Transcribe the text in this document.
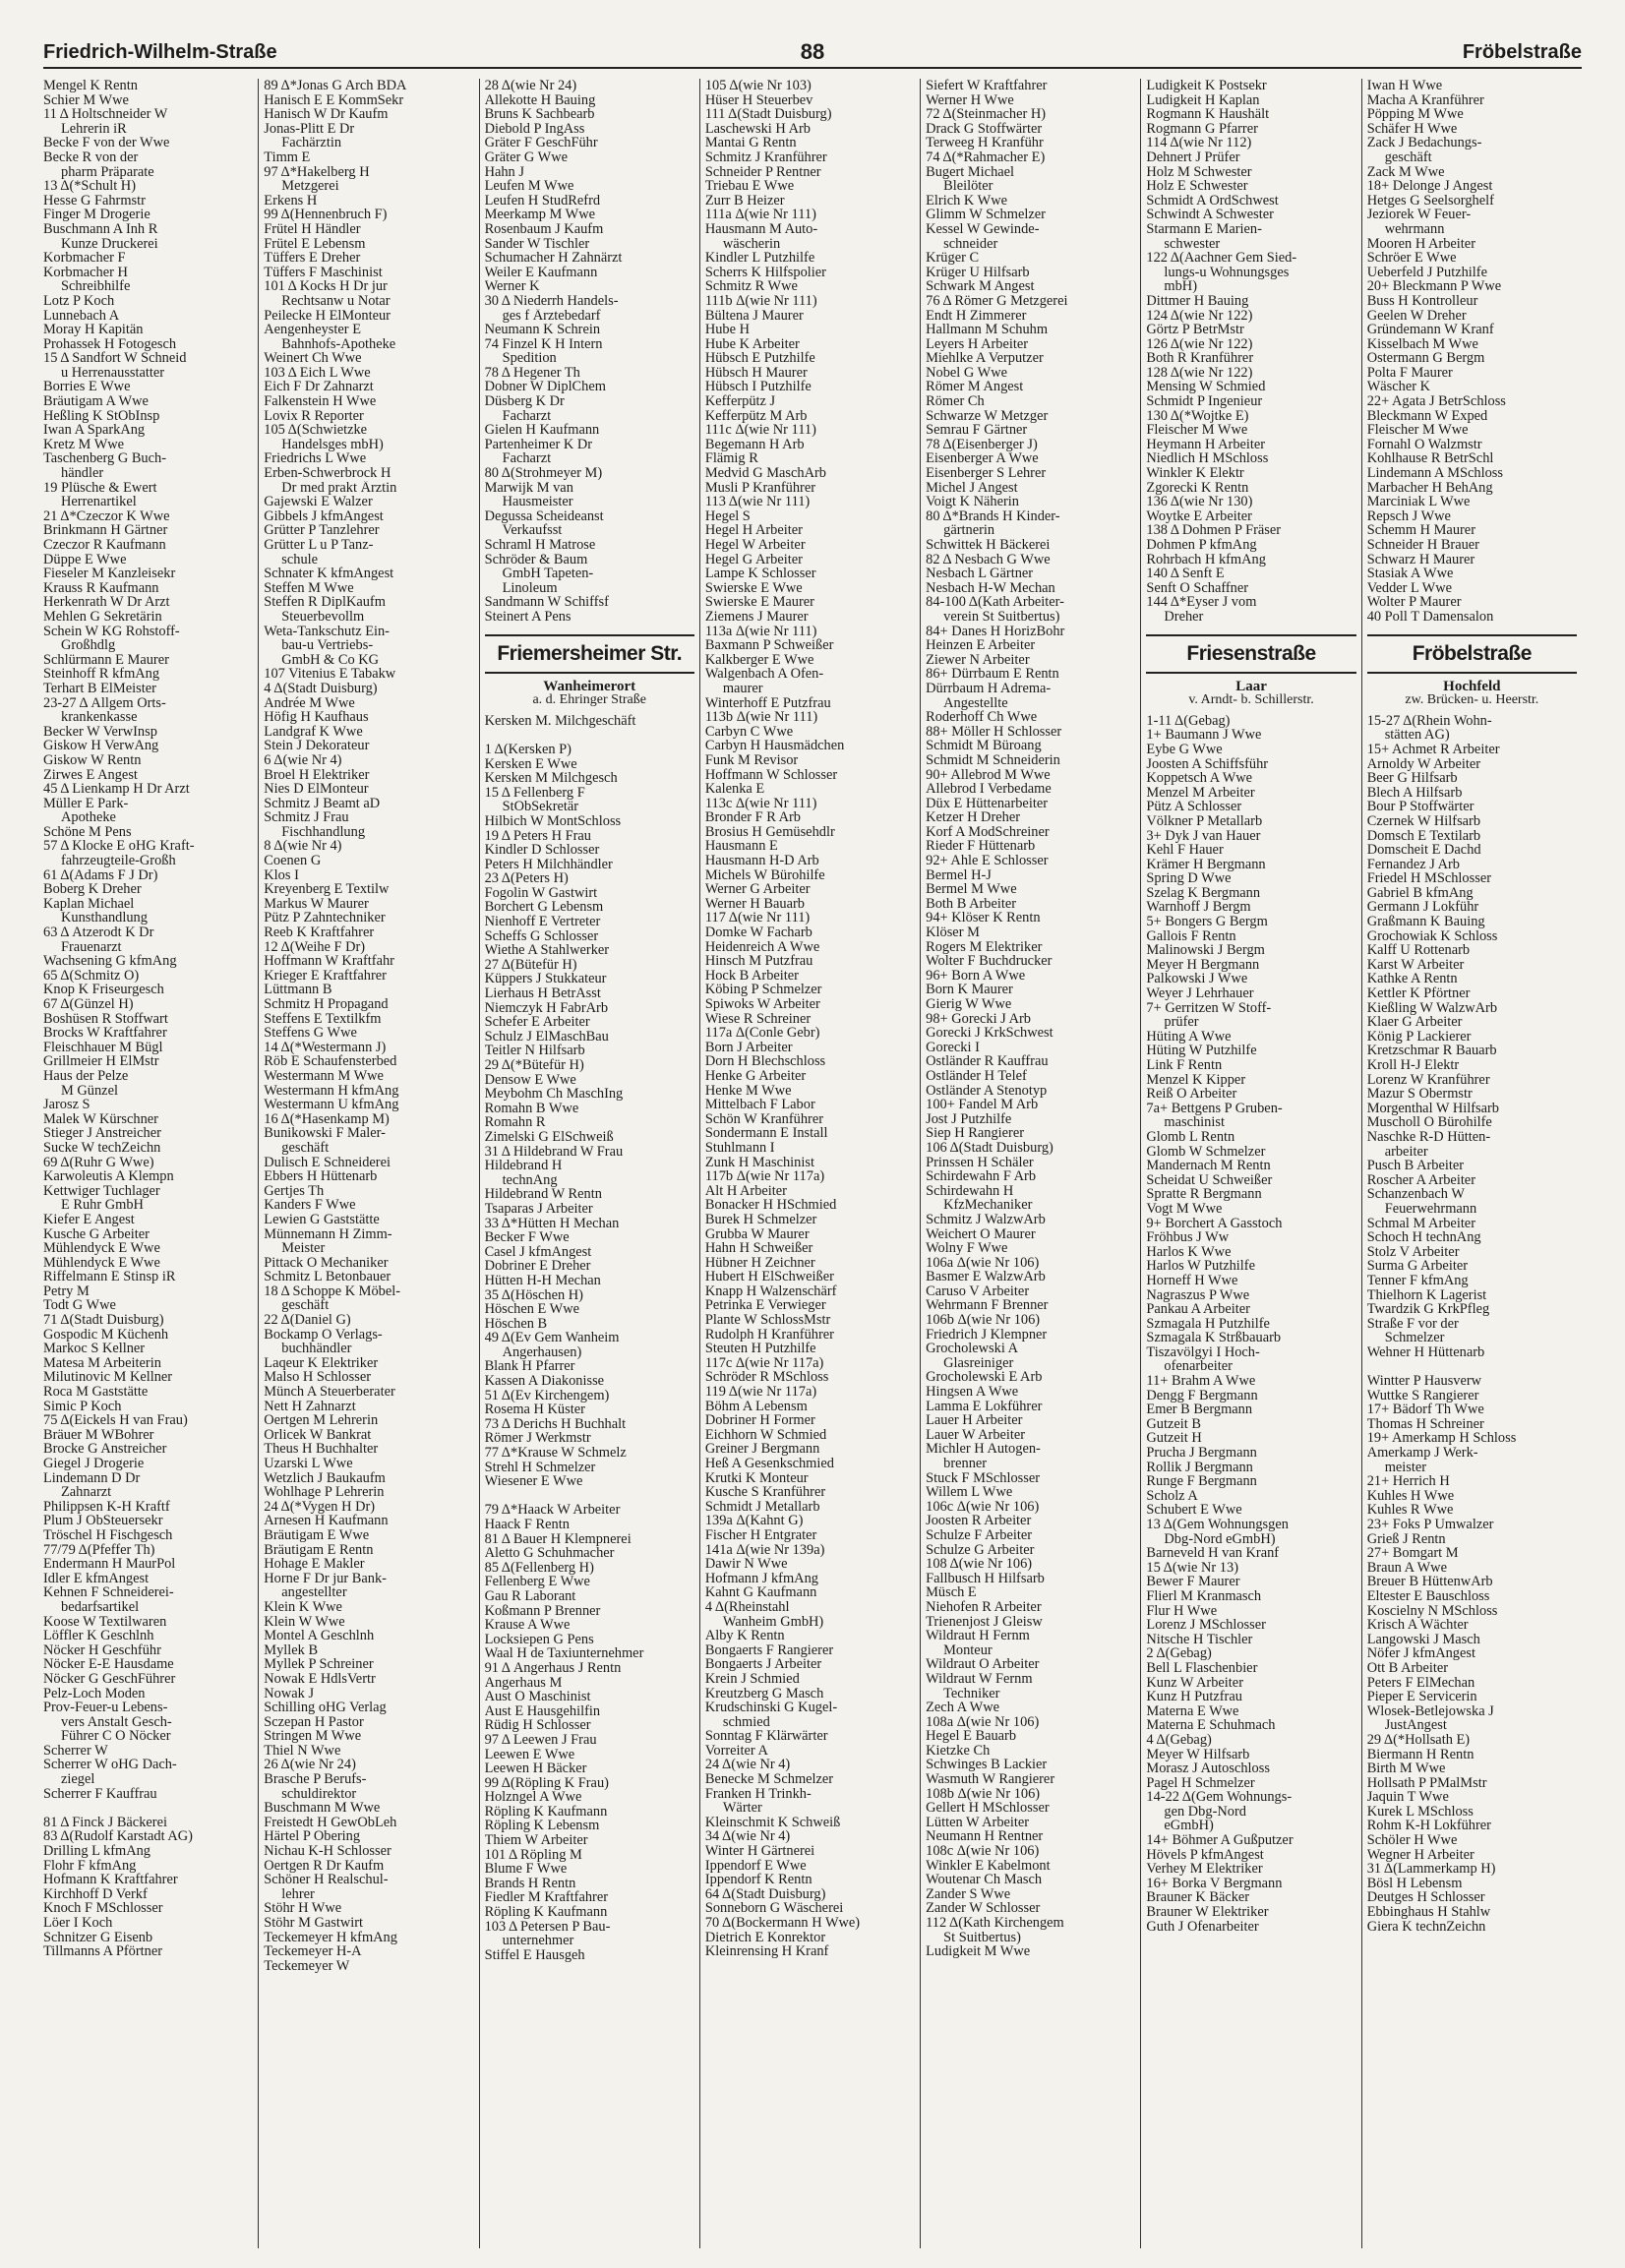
Friedrich-Wilhelm-Straße	88	Fröbelstraße
Mengel K Rentn
Schier M Wwe
11 Δ Holtschneider W
Lehrerin iR
Becke F von der Wwe
Becke R von der
pharm Präparate
13 Δ(*Schult H)
Hesse G Fahrmstr
Finger M Drogerie
Buschmann A Inh R
Kunze Druckerei
Korbmacher F
Korbmacher H
Schreibhilfe
Lotz P Koch
Lunnebach A
Moray H Kapitän
Prohassek H Fotogesch
15 Δ Sandfort W Schneid
u Herrenausstatter
Borries E Wwe
Bräutigam A Wwe
Heßling K StObInsp
Iwan A SparkAng
Kretz M Wwe
Taschenberg G Buch-
händler
19 Plüsche & Ewert
Herrenartikel
21 Δ*Czeczor K Wwe
Brinkmann H Gärtner
Czeczor R Kaufmann
Düppe E Wwe
Fieseler M Kanzleisekr
Krauss R Kaufmann
Herkenrath W Dr Arzt
Mehlen G Sekretärin
Schein W KG Rohstoff-
Großhdlg
Schlürmann E Maurer
Steinhoff R kfmAng
Terhart B ElMeister
23-27 Δ Allgem Orts-
krankenkasse
Becker W VerwInsp
Giskow H VerwAng
Giskow W Rentn
Zirwes E Angest
45 Δ Lienkamp H Dr Arzt
Müller E Park-
Apotheke
Schöne M Pens
57 Δ Klocke E oHG Kraft-
fahrzeugteile-Großh
61 Δ(Adams F J Dr)
Boberg K Dreher
Kaplan Michael
Kunsthandlung
63 Δ Atzerodt K Dr
Frauenarzt
Wachsening G kfmAng
65 Δ(Schmitz O)
Knop K Friseurgesch
67 Δ(Günzel H)
Boshüsen R Stoffwart
Brocks W Kraftfahrer
Fleischhauer M Bügl
Grillmeier H ElMstr
Haus der Pelze
M Günzel
Jarosz S
Malek W Kürschner
Stieger J Anstreicher
Sucke W techZeichn
69 Δ(Ruhr G Wwe)
Karwoleutis A Klempn
Kettwiger Tuchlager
E Ruhr GmbH
Kiefer E Angest
Kusche G Arbeiter
Mühlendyck E Wwe
Mühlendyck E Wwe
Riffelmann E Stinsp iR
Petry M
Todt G Wwe
71 Δ(Stadt Duisburg)
Gospodic M Küchenh
Markoc S Kellner
Matesa M Arbeiterin
Milutinovic M Kellner
Roca M Gaststätte
Simic P Koch
75 Δ(Eickels H van Frau)
Bräuer M WBohrer
Brocke G Anstreicher
Giegel J Drogerie
Lindemann D Dr
Zahnarzt
Philippsen K-H Kraftf
Plum J ObSteuersekr
Tröschel H Fischgesch
77/79 Δ(Pfeffer Th)
Endermann H MaurPol
Idler E kfmAngest
Kehnen F Schneiderei-
bedarfsartikel
Koose W Textilwaren
Löffler K Geschlnh
Nöcker H Geschführ
Nöcker E-E Hausdame
Nöcker G GeschFührer
Pelz-Loch Moden
Prov-Feuer-u Lebens-
vers Anstalt Gesch-
Führer C O Nöcker
Scherrer W
Scherrer W oHG Dach-
ziegel
Scherrer F Kauffrau

81 Δ Finck J Bäckerei
83 Δ(Rudolf Karstadt AG)
Drilling L kfmAng
Flohr F kfmAng
Hofmann K Kraftfahrer
Kirchhoff D Verkf
Knoch F MSchlosser
Löer I Koch
Schnitzer G Eisenb
Tillmanns A Pförtner
89 Δ*Jonas G Arch BDA
Hanisch E E KommSekr
Hanisch W Dr Kaufm
Jonas-Plitt E Dr
Fachärztin
Timm E
97 Δ*Hakelberg H
Metzgerei
Erkens H
99 Δ(Hennenbruch F)
Frütel H Händler
Frütel E Lebensm
Tüffers E Dreher
Tüffers F Maschinist
101 Δ Kocks H Dr jur
Rechtsanw u Notar
Peilecke H ElMonteur
Aengenheyster E
Bahnhofs-Apotheke
Weinert Ch Wwe
103 Δ Eich L Wwe
Eich F Dr Zahnarzt
Falkenstein H Wwe
Lovix R Reporter
105 Δ(Schwietzke
Handelsges mbH)
Friedrichs L Wwe
Erben-Schwerbrock H
Dr med prakt Ärztin
Gajewski E Walzer
Gibbels J kfmAngest
Grütter P Tanzlehrer
Grütter L u P Tanz-
schule
Schnater K kfmAngest
Steffen M Wwe
Steffen R DiplKaufm
Steuerbevollm
Weta-Tankschutz Ein-
bau-u Vertriebs-
GmbH & Co KG
107 Vitenius E Tabakw
4 Δ(Stadt Duisburg)
Andrée M Wwe
Höfig H Kaufhaus
Landgraf K Wwe
Stein J Dekorateur
6 Δ(wie Nr 4)
Broel H Elektriker
Nies D ElMonteur
Schmitz J Beamt aD
Schmitz J Frau
Fischhandlung
8 Δ(wie Nr 4)
Coenen G
Klos I
Kreyenberg E Textilw
Markus W Maurer
Pütz P Zahntechniker
Reeb K Kraftfahrer
12 Δ(Weihe F Dr)
Hoffmann W Kraftfahr
Krieger E Kraftfahrer
Lüttmann B
Schmitz H Propagand
Steffens E Textilkfm
Steffens G Wwe
14 Δ(*Westermann J)
Röb E Schaufensterbed
Westermann M Wwe
Westermann H kfmAng
Westermann U kfmAng
16 Δ(*Hasenkamp M)
Bunikowski F Maler-
geschäft
Dulisch E Schneiderei
Ebbers H Hüttenarb
Gertjes Th
Kanders F Wwe
Lewien G Gaststätte
Münnemann H Zimm-
Meister
Pittack O Mechaniker
Schmitz L Betonbauer
18 Δ Schoppe K Möbel-
geschäft
22 Δ(Daniel G)
Bockamp O Verlags-
buchhändler
Laqeur K Elektriker
Malso H Schlosser
Münch A Steuerberater
Nett H Zahnarzt
Oertgen M Lehrerin
Orlicek W Bankrat
Theus H Buchhalter
Uzarski L Wwe
Wetzlich J Baukaufm
Wohlhage P Lehrerin
24 Δ(*Vygen H Dr)
Arnesen H Kaufmann
Bräutigam E Wwe
Bräutigam E Rentn
Hohage E Makler
Horne F Dr jur Bank-
angestellter
Klein K Wwe
Klein W Wwe
Montel A Geschlnh
Myllek B
Myllek P Schreiner
Nowak E HdlsVertr
Nowak J
Schilling oHG Verlag
Sczepan H Pastor
Stringen M Wwe
Thiel N Wwe
26 Δ(wie Nr 24)
Brasche P Berufs-
schuldirektor
Buschmann M Wwe
Freistedt H GewObLeh
Härtel P Obering
Nichau K-H Schlosser
Oertgen R Dr Kaufm
Schöner H Realschul-
lehrer
Stöhr H Wwe
Stöhr M Gastwirt
Teckemeyer H kfmAng
Teckemeyer H-A
Teckemeyer W
28 Δ(wie Nr 24)
Allekotte H Bauing
Bruns K Sachbearb
Diebold P IngAss
Gräter F GeschFühr
Gräter G Wwe
Hahn J
Leufen M Wwe
Leufen H StudRefrd
Meerkamp M Wwe
Rosenbaum J Kaufm
Sander W Tischler
Schumacher H Zahnärzt
Weiler E Kaufmann
Werner K
30 Δ Niederrh Handels-
ges f Ärztebedarf
Neumann K Schrein
74 Finzel K H Intern
Spedition
78 Δ Hegener Th
Dobner W DiplChem
Düsberg K Dr
Facharzt
Gielen H Kaufmann
Partenheimer K Dr
Facharzt
80 Δ(Strohmeyer M)
Marwijk M van
Hausmeister
Degussa Scheideanst
Verkaufsst
Schraml H Matrose
Schröder & Baum
GmbH Tapeten-
Linoleum
Sandmann W Schiffsf
Steinert A Pens
Friemersheimer Str.
Wanheimerort
a. d. Ehringer Straße
Kersken M. Milchgeschäft

1 Δ(Kersken P)
Kersken E Wwe
Kersken M Milchgesch
15 Δ Fellenberg F
StObSekretär
Hilbich W MontSchloss
19 Δ Peters H Frau
Kindler D Schlosser
Peters H Milchhändler
23 Δ(Peters H)
Fogolin W Gastwirt
Borchert G Lebensm
Nienhoff E Vertreter
Scheffs G Schlosser
Wiethe A Stahlwerker
27 Δ(Bütefür H)
Küppers J Stukkateur
Lierhaus H BetrAsst
Niemczyk H FabrArb
Schefer E Arbeiter
Schulz J ElMaschBau
Teitler N Hilfsarb
29 Δ(*Bütefür H)
Densow E Wwe
Meybohm Ch MaschIng
Romahn B Wwe
Romahn R
Zimelski G ElSchweiß
31 Δ Hildebrand W Frau
Hildebrand H
technAng
Hildebrand W Rentn
Tsaparas J Arbeiter
33 Δ*Hütten H Mechan
Becker F Wwe
Casel J kfmAngest
Dobriner E Dreher
Hütten H-H Mechan
35 Δ(Höschen H)
Höschen E Wwe
Höschen B
49 Δ(Ev Gem Wanheim
Angerhausen)
Blank H Pfarrer
Kassen A Diakonisse
51 Δ(Ev Kirchengem)
Rosema H Küster
73 Δ Derichs H Buchhalt
Römer J Werkmstr
77 Δ*Krause W Schmelz
Strehl H Schmelzer
Wiesener E Wwe

79 Δ*Haack W Arbeiter
Haack F Rentn
81 Δ Bauer H Klempnerei
Aletto G Schuhmacher
85 Δ(Fellenberg H)
Fellenberg E Wwe
Gau R Laborant
Koßmann P Brenner
Krause A Wwe
Locksiepen G Pens
Waal H de Taxiunternehmer
91 Δ Angerhaus J Rentn
Angerhaus M
Aust O Maschinist
Aust E Hausgehilfin
Rüdig H Schlosser
97 Δ Leewen J Frau
Leewen E Wwe
Leewen H Bäcker
99 Δ(Röpling K Frau)
Holzngel A Wwe
Röpling K Kaufmann
Röpling K Lebensm
Thiem W Arbeiter
101 Δ Röpling M
Blume F Wwe
Brands H Rentn
Fiedler M Kraftfahrer
Röpling K Kaufmann
103 Δ Petersen P Bau-
unternehmer
Stiffel E Hausgeh
105 Δ(wie Nr 103)
Hüser H Steuerbev
111 Δ(Stadt Duisburg)
Laschewski H Arb
Mantai G Rentn
Schmitz J Kranführer
Schneider P Rentner
Triebau E Wwe
Zurr B Heizer
111a Δ(wie Nr 111)
Hausmann M Auto-
wäscherin
Kindler L Putzhilfe
Scherrs K Hilfspolier
Schmitz R Wwe
111b Δ(wie Nr 111)
Bültena J Maurer
Hube H
Hube K Arbeiter
Hübsch E Putzhilfe
Hübsch H Maurer
Hübsch I Putzhilfe
Kefferpütz J
Kefferpütz M Arb
111c Δ(wie Nr 111)
Begemann H Arb
Flämig R
Medvid G MaschArb
Musli P Kranführer
113 Δ(wie Nr 111)
Hegel S
Hegel H Arbeiter
Hegel W Arbeiter
Hegel G Arbeiter
Lampe K Schlosser
Swierske E Wwe
Swierske E Maurer
Ziemens J Maurer
113a Δ(wie Nr 111)
Baxmann P Schweißer
Kalkberger E Wwe
Walgenbach A Ofen-
maurer
Winterhoff E Putzfrau
113b Δ(wie Nr 111)
Carbyn C Wwe
Carbyn H Hausmädchen
Funk M Revisor
Hoffmann W Schlosser
Kalenka E
113c Δ(wie Nr 111)
Bronder F R Arb
Brosius H Gemüsehdlr
Hausmann E
Hausmann H-D Arb
Michels W Bürohilfe
Werner G Arbeiter
Werner H Bauarb
117 Δ(wie Nr 111)
Domke W Facharb
Heidenreich A Wwe
Hinsch M Putzfrau
Hock B Arbeiter
Köbing P Schmelzer
Spiwoks W Arbeiter
Wiese R Schreiner
117a Δ(Conle Gebr)
Born J Arbeiter
Dorn H Blechschloss
Henke G Arbeiter
Henke M Wwe
Mittelbach F Labor
Schön W Kranführer
Sondermann E Install
Stuhlmann I
Zunk H Maschinist
117b Δ(wie Nr 117a)
Alt H Arbeiter
Bonacker H HSchmied
Burek H Schmelzer
Grubba W Maurer
Hahn H Schweißer
Hübner H Zeichner
Hubert H ElSchweißer
Knapp H Walzenschärf
Petrinka E Verwieger
Plante W SchlossMstr
Rudolph H Kranführer
Steuten H Putzhilfe
117c Δ(wie Nr 117a)
Schröder R MSchloss
119 Δ(wie Nr 117a)
Böhm A Lebensm
Dobriner H Former
Eichhorn W Schmied
Greiner J Bergmann
Heß A Gesenkschmied
Krutki K Monteur
Kusche S Kranführer
Schmidt J Metallarb
139a Δ(Kahnt G)
Fischer H Entgrater
141a Δ(wie Nr 139a)
Dawir N Wwe
Hofmann J kfmAng
Kahnt G Kaufmann
4 Δ(Rheinstahl
Wanheim GmbH)
Alby K Rentn
Bongaerts F Rangierer
Bongaerts J Arbeiter
Krein J Schmied
Kreutzberg G Masch
Krudschinski G Kugel-
schmied
Sonntag F Klärwärter
Vorreiter A
24 Δ(wie Nr 4)
Benecke M Schmelzer
Franken H Trinkh-
Wärter
Kleinschmit K Schweiß
34 Δ(wie Nr 4)
Winter H Gärtnerei
Ippendorf E Wwe
Ippendorf K Rentn
64 Δ(Stadt Duisburg)
Sonneborn G Wäscherei
70 Δ(Bockermann H Wwe)
Dietrich E Konrektor
Kleinrensing H Kranf
Siefert W Kraftfahrer
Werner H Wwe
72 Δ(Steinmacher H)
Drack G Stoffwärter
Terweeg H Kranführ
74 Δ(*Rahmacher E)
Bugert Michael
Bleilöter
Elrich K Wwe
Glimm W Schmelzer
Kessel W Gewinde-
schneider
Krüger C
Krüger U Hilfsarb
Schwark M Angest
76 Δ Römer G Metzgerei
Endt H Zimmerer
Hallmann M Schuhm
Leyers H Arbeiter
Miehlke A Verputzer
Nobel G Wwe
Römer M Angest
Römer Ch
Schwarze W Metzger
Semrau F Gärtner
78 Δ(Eisenberger J)
Eisenberger A Wwe
Eisenberger S Lehrer
Michel J Angest
Voigt K Näherin
80 Δ*Brands H Kinder-
gärtnerin
Schwittek H Bäckerei
82 Δ Nesbach G Wwe
Nesbach L Gärtner
Nesbach H-W Mechan
84-100 Δ(Kath Arbeiter-
verein St Suitbertus)
84+ Danes H HorizBohr
Heinzen E Arbeiter
Ziewer N Arbeiter
86+ Dürrbaum E Rentn
Dürrbaum H Adrema-
Angestellte
Roderhoff Ch Wwe
88+ Möller H Schlosser
Schmidt M Büroang
Schmidt M Schneiderin
90+ Allebrod M Wwe
Allebrod I Verbedame
Düx E Hüttenarbeiter
Ketzer H Dreher
Korf A ModSchreiner
Rieder F Hüttenarb
92+ Ahle E Schlosser
Bermel H-J
Bermel M Wwe
Both B Arbeiter
94+ Klöser K Rentn
Klöser M
Rogers M Elektriker
Wolter F Buchdrucker
96+ Born A Wwe
Born K Maurer
Gierig W Wwe
98+ Gorecki J Arb
Gorecki J KrkSchwest
Gorecki I
Ostländer R Kauffrau
Ostländer H Telef
Ostländer A Stenotyp
100+ Fandel M Arb
Jost J Putzhilfe
Siep H Rangierer
106 Δ(Stadt Duisburg)
Prinssen H Schäler
Schirdewahn F Arb
Schirdewahn H
KfzMechaniker
Schmitz J WalzwArb
Weichert O Maurer
Wolny F Wwe
106a Δ(wie Nr 106)
Basmer E WalzwArb
Caruso V Arbeiter
Wehrmann F Brenner
106b Δ(wie Nr 106)
Friedrich J Klempner
Grocholewski A
Glasreiniger
Grocholewski E Arb
Hingsen A Wwe
Lamma E Lokführer
Lauer H Arbeiter
Lauer W Arbeiter
Michler H Autogen-
brenner
Stuck F MSchlosser
Willem L Wwe
106c Δ(wie Nr 106)
Joosten R Arbeiter
Schulze F Arbeiter
Schulze G Arbeiter
108 Δ(wie Nr 106)
Fallbusch H Hilfsarb
Müsch E
Niehofen R Arbeiter
Trienenjost J Gleisw
Wildraut H Fernm
Monteur
Wildraut O Arbeiter
Wildraut W Fernm
Techniker
Zech A Wwe
108a Δ(wie Nr 106)
Hegel E Bauarb
Kietzke Ch
Schwinges B Lackier
Wasmuth W Rangierer
108b Δ(wie Nr 106)
Gellert H MSchlosser
Lütten W Arbeiter
Neumann H Rentner
108c Δ(wie Nr 106)
Winkler E Kabelmont
Woutenar Ch Masch
Zander S Wwe
Zander W Schlosser
112 Δ(Kath Kirchengem
St Suitbertus)
Ludigkeit M Wwe
Ludigkeit K Postsekr
Ludigkeit H Kaplan
Rogmann K Haushält
Rogmann G Pfarrer
114 Δ(wie Nr 112)
Dehnert J Prüfer
Holz M Schwester
Holz E Schwester
Schmidt A OrdSchwest
Schwindt A Schwester
Starmann E Marien-
schwester
122 Δ(Aachner Gem Sied-
lungs-u Wohnungsges
mbH)
Dittmer H Bauing
124 Δ(wie Nr 122)
Görtz P BetrMstr
126 Δ(wie Nr 122)
Both R Kranführer
128 Δ(wie Nr 122)
Mensing W Schmied
Schmidt P Ingenieur
130 Δ(*Wojtke E)
Fleischer M Wwe
Heymann H Arbeiter
Niedlich H MSchloss
Winkler K Elektr
Zgorecki K Rentn
136 Δ(wie Nr 130)
Woytke E Arbeiter
138 Δ Dohmen P Fräser
Dohmen P kfmAng
Rohrbach H kfmAng
140 Δ Senft E
Senft O Schaffner
144 Δ*Eyser J vom
Dreher
Friesenstraße
Laar
v. Arndt- b. Schillerstr.
1-11 Δ(Gebag)
1+ Baumann J Wwe
Eybe G Wwe
Joosten A Schiffsführ
Koppetsch A Wwe
Menzel M Arbeiter
Pütz A Schlosser
Völkner P Metallarb
3+ Dyk J van Hauer
Kehl F Hauer
Krämer H Bergmann
Spring D Wwe
Szelag K Bergmann
Warnhoff J Bergm
5+ Bongers G Bergm
Gallois F Rentn
Malinowski J Bergm
Meyer H Bergmann
Palkowski J Wwe
Weyer J Lehrhauer
7+ Gerritzen W Stoff-
prüfer
Hüting A Wwe
Hüting W Putzhilfe
Link F Rentn
Menzel K Kipper
Reiß O Arbeiter
7a+ Bettgens P Gruben-
maschinist
Glomb L Rentn
Glomb W Schmelzer
Mandernach M Rentn
Scheidat U Schweißer
Spratte R Bergmann
Vogt M Wwe
9+ Borchert A Gasstoch
Fröhbus J Ww
Harlos K Wwe
Harlos W Putzhilfe
Horneff H Wwe
Nagraszus P Wwe
Pankau A Arbeiter
Szmagala H Putzhilfe
Szmagala K Strßbauarb
Tiszavölgyi I Hoch-
ofenarbeiter
11+ Brahm A Wwe
Dengg F Bergmann
Emer B Bergmann
Gutzeit B
Gutzeit H
Prucha J Bergmann
Rollik J Bergmann
Runge F Bergmann
Scholz A
Schubert E Wwe
13 Δ(Gem Wohnungsgen
Dbg-Nord eGmbH)
Barneveld H van Kranf
15 Δ(wie Nr 13)
Bewer F Maurer
Flierl M Kranmasch
Flur H Wwe
Lorenz J MSchlosser
Nitsche H Tischler
2 Δ(Gebag)
Bell L Flaschenbier
Kunz W Arbeiter
Kunz H Putzfrau
Materna E Wwe
Materna E Schuhmach
4 Δ(Gebag)
Meyer W Hilfsarb
Morasz J Autoschloss
Pagel H Schmelzer
14-22 Δ(Gem Wohnungs-
gen Dbg-Nord
eGmbH)
14+ Böhmer A Gußputzer
Hövels P kfmAngest
Verhey M Elektriker
16+ Borka V Bergmann
Brauner K Bäcker
Brauner W Elektriker
Guth J Ofenarbeiter
Iwan H Wwe
Macha A Kranführer
Pöpping M Wwe
Schäfer H Wwe
Zack J Bedachungs-
geschäft
Zack M Wwe
18+ Delonge J Angest
Hetges G Seelsorghelf
Jeziorek W Feuer-
wehrmann
Mooren H Arbeiter
Schröer E Wwe
Ueberfeld J Putzhilfe
20+ Bleckmann P Wwe
Buss H Kontrolleur
Geelen W Dreher
Gründemann W Kranf
Kisselbach M Wwe
Ostermann G Bergm
Polta F Maurer
Wäscher K
22+ Agata J BetrSchloss
Bleckmann W Exped
Fleischer M Wwe
Fornahl O Walzmstr
Kohlhause R BetrSchl
Lindemann A MSchloss
Marbacher H BehAng
Marciniak L Wwe
Repsch J Wwe
Schemm H Maurer
Schneider H Brauer
Schwarz H Maurer
Stasiak A Wwe
Vedder L Wwe
Wolter P Maurer
40 Poll T Damensalon
Fröbelstraße
Hochfeld
zw. Brücken- u. Heerstr.
15-27 Δ(Rhein Wohn-
stätten AG)
15+ Achmet R Arbeiter
Arnoldy W Arbeiter
Beer G Hilfsarb
Blech A Hilfsarb
Bour P Stoffwärter
Czernek W Hilfsarb
Domsch E Textilarb
Domscheit E Dachd
Fernandez J Arb
Friedel H MSchlosser
Gabriel B kfmAng
Germann J Lokführ
Graßmann K Bauing
Grochowiak K Schloss
Kalff U Rottenarb
Karst W Arbeiter
Kathke A Rentn
Kettler K Pförtner
Kießling W WalzwArb
Klaer G Arbeiter
König P Lackierer
Kretzschmar R Bauarb
Kroll H-J Elektr
Lorenz W Kranführer
Mazur S Obermstr
Morgenthal W Hilfsarb
Muscholl O Bürohilfe
Naschke R-D Hütten-
arbeiter
Pusch B Arbeiter
Roscher A Arbeiter
Schanzenbach W
Feuerwehrmann
Schmal M Arbeiter
Schoch H technAng
Stolz V Arbeiter
Surma G Arbeiter
Tenner F kfmAng
Thielhorn K Lagerist
Twardzik G KrkPfleg
Straße F vor der
Schmelzer
Wehner H Hüttenarb

Wintter P Hausverw
Wuttke S Rangierer
17+ Bädorf Th Wwe
Thomas H Schreiner
19+ Amerkamp H Schloss
Amerkamp J Werk-
meister
21+ Herrich H
Kuhles H Wwe
Kuhles R Wwe
23+ Foks P Umwalzer
Grieß J Rentn
27+ Bomgart M
Braun A Wwe
Breuer B HüttenwArb
Eltester E Bauschloss
Koscielny N MSchloss
Krisch A Wächter
Langowski J Masch
Nöfer J kfmAngest
Ott B Arbeiter
Peters F ElMechan
Pieper E Servicerin
Wlosek-Betlejowska J
JustAngest
29 Δ(*Hollsath E)
Biermann H Rentn
Birth M Wwe
Hollsath P PMalMstr
Jaquin T Wwe
Kurek L MSchloss
Rohm K-H Lokführer
Schöler H Wwe
Wegner H Arbeiter
31 Δ(Lammerkamp H)
Bösl H Lebensm
Deutges H Schlosser
Ebbinghaus H Stahlw
Giera K technZeichn
